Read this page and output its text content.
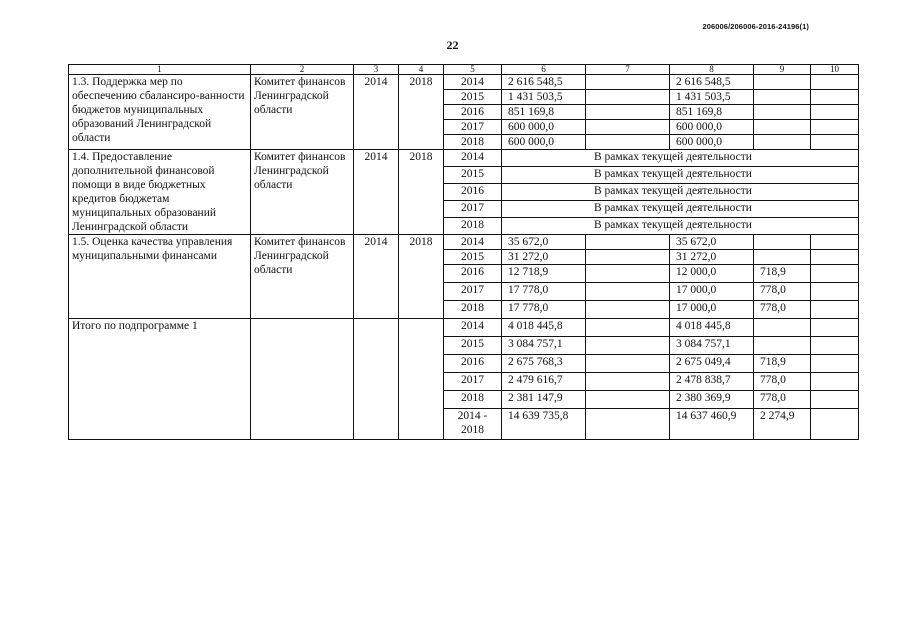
206006/206006-2016-24196(1)
22
1	2	3	4	5	6	7	8	9	10
1.3. Поддержка мер по обеспечению сбалансиро-ванности бюджетов муниципальных образований Ленинградской области	Комитет финансов Ленинградской области	2014	2018	2014	2 616 548,5		2 616 548,5		
				2015	1 431 503,5		1 431 503,5		
				2016	851 169,8		851 169,8		
				2017	600 000,0		600 000,0		
				2018	600 000,0		600 000,0		
1.4. Предоставление дополнительной финансовой помощи в виде бюджетных кредитов бюджетам муниципальных образований Ленинградской области	Комитет финансов Ленинградской области	2014	2018	2014	В рамках текущей деятельности				
				2015	В рамках текущей деятельности				
				2016	В рамках текущей деятельности				
				2017	В рамках текущей деятельности				
				2018	В рамках текущей деятельности				
1.5. Оценка качества управления муниципальными финансами	Комитет финансов Ленинградской области	2014	2018	2014	35 672,0		35 672,0		
				2015	31 272,0		31 272,0		
				2016	12 718,9		12 000,0	718,9	
				2017	17 778,0		17 000,0	778,0	
				2018	17 778,0		17 000,0	778,0	
Итого по подпрограмме 1				2014	4 018 445,8		4 018 445,8		
				2015	3 084 757,1		3 084 757,1		
				2016	2 675 768,3		2 675 049,4	718,9	
				2017	2 479 616,7		2 478 838,7	778,0	
				2018	2 381 147,9		2 380 369,9	778,0	
				2014 - 2018	14 639 735,8		14 637 460,9	2 274,9	
